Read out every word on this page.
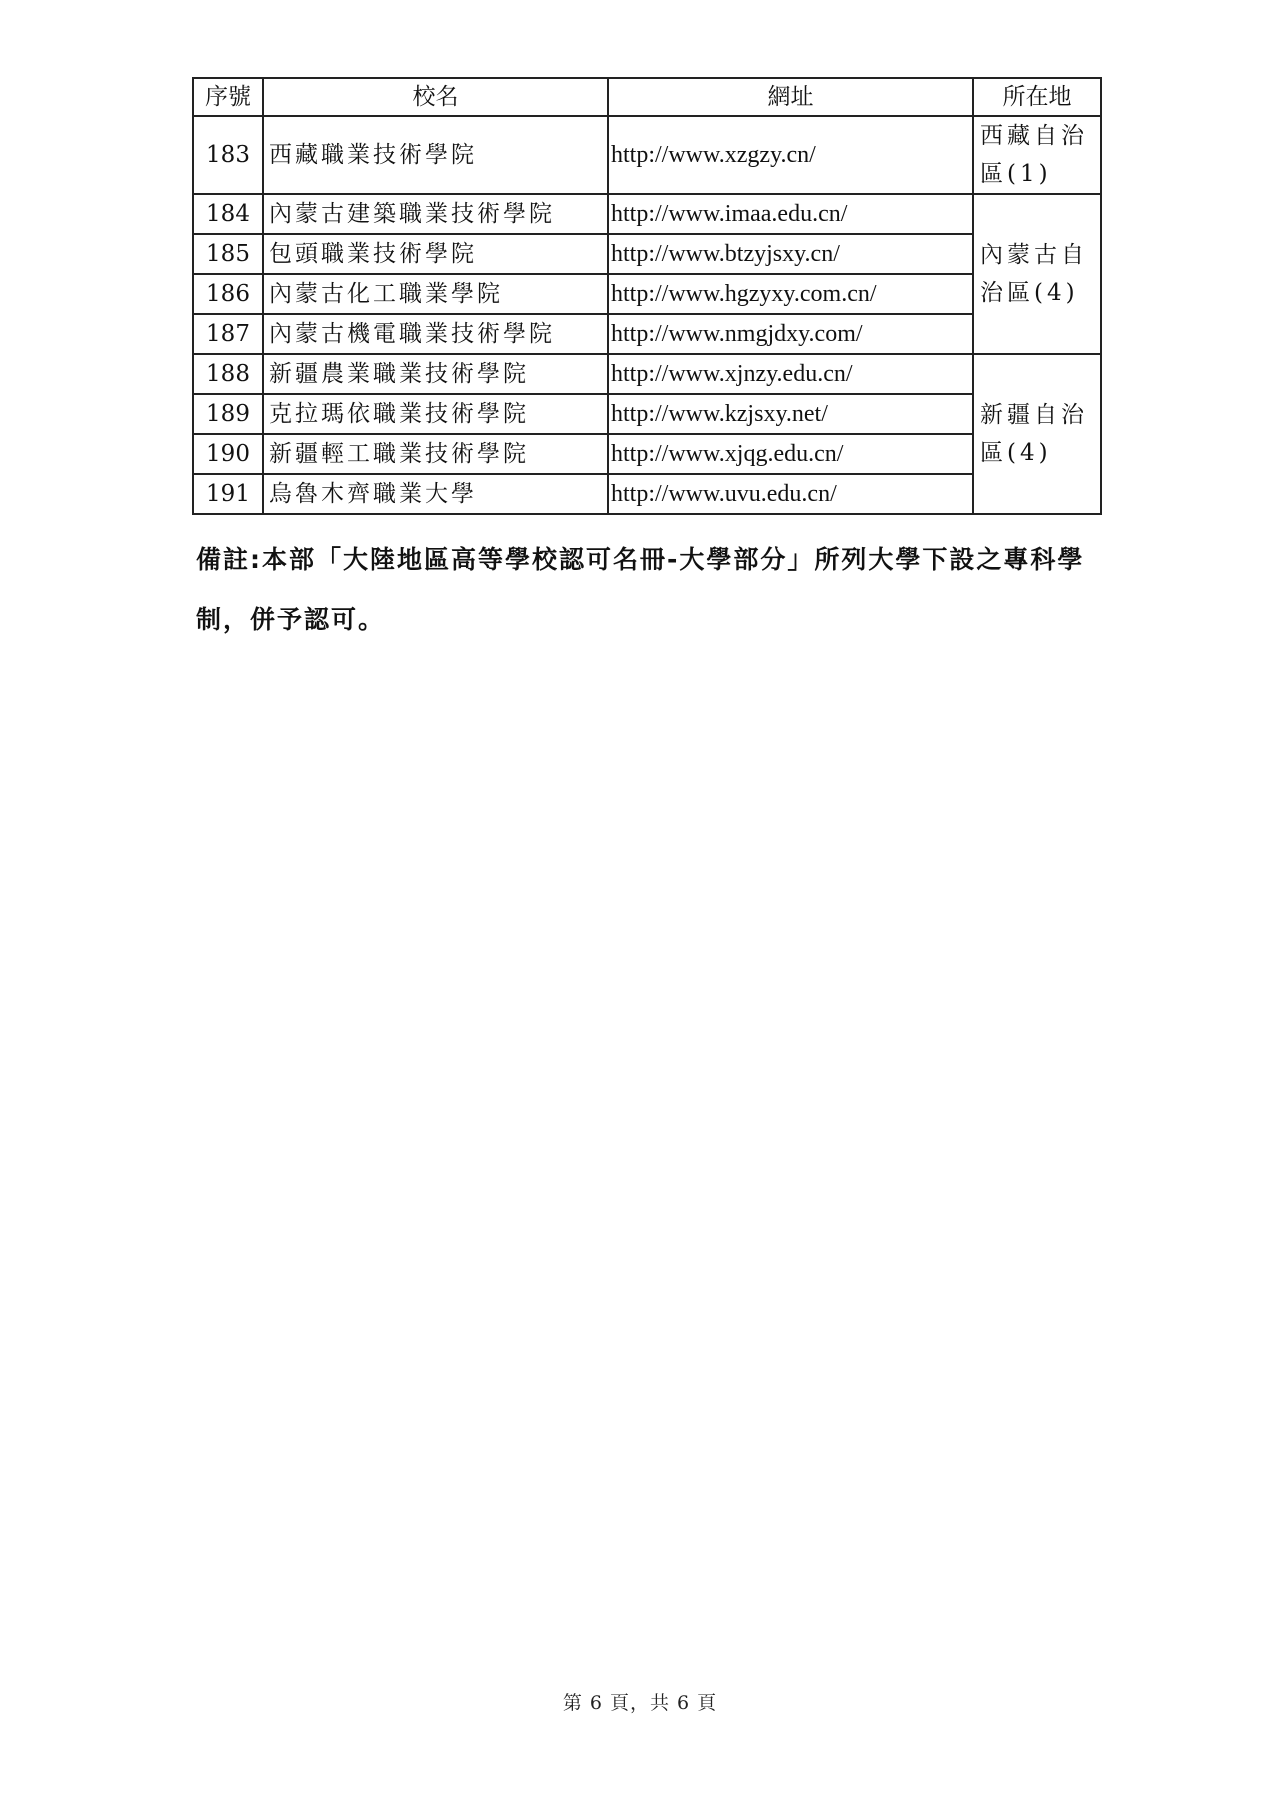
序號	校名	網址	所在地
183	西藏職業技術學院	http://www.xzgzy.cn/	西藏自治區(1)
184	內蒙古建築職業技術學院	http://www.imaa.edu.cn/	內蒙古自治區(4)
185	包頭職業技術學院	http://www.btzyjsxy.cn/	
186	內蒙古化工職業學院	http://www.hgzyxy.com.cn/	
187	內蒙古機電職業技術學院	http://www.nmgjdxy.com/	
188	新疆農業職業技術學院	http://www.xjnzy.edu.cn/	新疆自治區(4)
189	克拉瑪依職業技術學院	http://www.kzjsxy.net/	
190	新疆輕工職業技術學院	http://www.xjqg.edu.cn/	
191	烏魯木齊職業大學	http://www.uvu.edu.cn/	
備註:本部「大陸地區高等學校認可名冊-大學部分」所列大學下設之專科學制，併予認可。
第 6 頁，共 6 頁
